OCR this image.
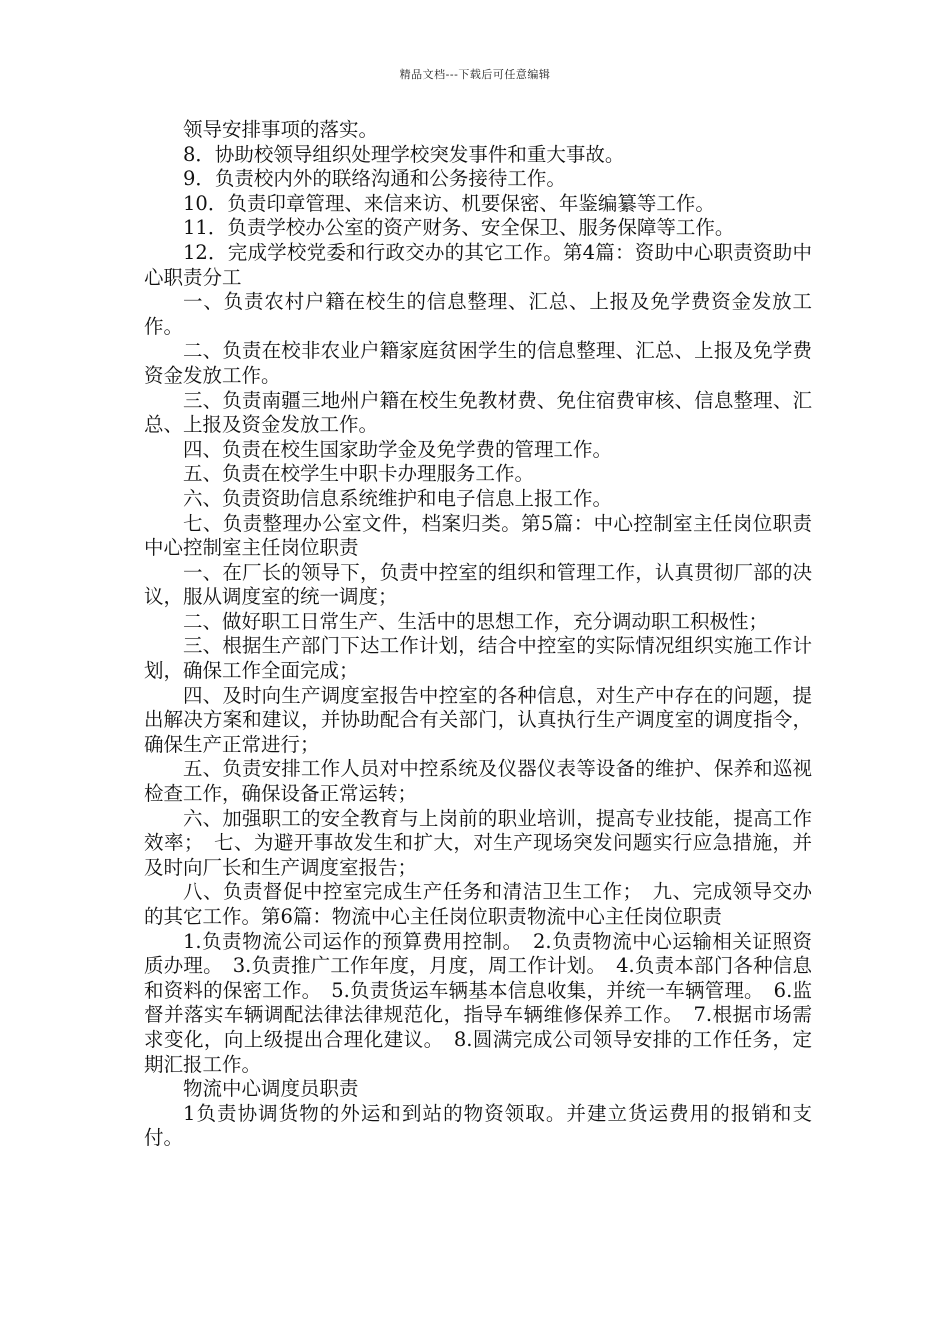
精品文档---下载后可任意编辑

领导安排事项的落实。

8．协助校领导组织处理学校突发事件和重大事故。

9．负责校内外的联络沟通和公务接待工作。

10．负责印章管理、来信来访、机要保密、年鉴编纂等工作。

11．负责学校办公室的资产财务、安全保卫、服务保障等工作。

12．完成学校党委和行政交办的其它工作。第4篇：资助中心职责资助中心职责分工

一、负责农村户籍在校生的信息整理、汇总、上报及免学费资金发放工作。

二、负责在校非农业户籍家庭贫困学生的信息整理、汇总、上报及免学费资金发放工作。

三、负责南疆三地州户籍在校生免教材费、免住宿费审核、信息整理、汇总、上报及资金发放工作。

四、负责在校生国家助学金及免学费的管理工作。

五、负责在校学生中职卡办理服务工作。

六、负责资助信息系统维护和电子信息上报工作。

七、负责整理办公室文件，档案归类。第5篇：中心控制室主任岗位职责中心控制室主任岗位职责

一、在厂长的领导下，负责中控室的组织和管理工作，认真贯彻厂部的决议，服从调度室的统一调度；

二、做好职工日常生产、生活中的思想工作，充分调动职工积极性；

三、根据生产部门下达工作计划，结合中控室的实际情况组织实施工作计划，确保工作全面完成；

四、及时向生产调度室报告中控室的各种信息，对生产中存在的问题，提出解决方案和建议，并协助配合有关部门，认真执行生产调度室的调度指令，确保生产正常进行；

五、负责安排工作人员对中控系统及仪器仪表等设备的维护、保养和巡视检查工作，确保设备正常运转；

六、加强职工的安全教育与上岗前的职业培训，提高专业技能，提高工作效率；　七、为避开事故发生和扩大，对生产现场突发问题实行应急措施，并及时向厂长和生产调度室报告；

八、负责督促中控室完成生产任务和清洁卫生工作；　九、完成领导交办的其它工作。第6篇：物流中心主任岗位职责物流中心主任岗位职责

1.负责物流公司运作的预算费用控制。　2.负责物流中心运输相关证照资质办理。　3.负责推广工作年度，月度，周工作计划。　4.负责本部门各种信息和资料的保密工作。　5.负责货运车辆基本信息收集，并统一车辆管理。　6.监督并落实车辆调配法律法律规范化，指导车辆维修保养工作。　7.根据市场需求变化，向上级提出合理化建议。　8.圆满完成公司领导安排的工作任务，定期汇报工作。

物流中心调度员职责

1负责协调货物的外运和到站的物资领取。并建立货运费用的报销和支付。
